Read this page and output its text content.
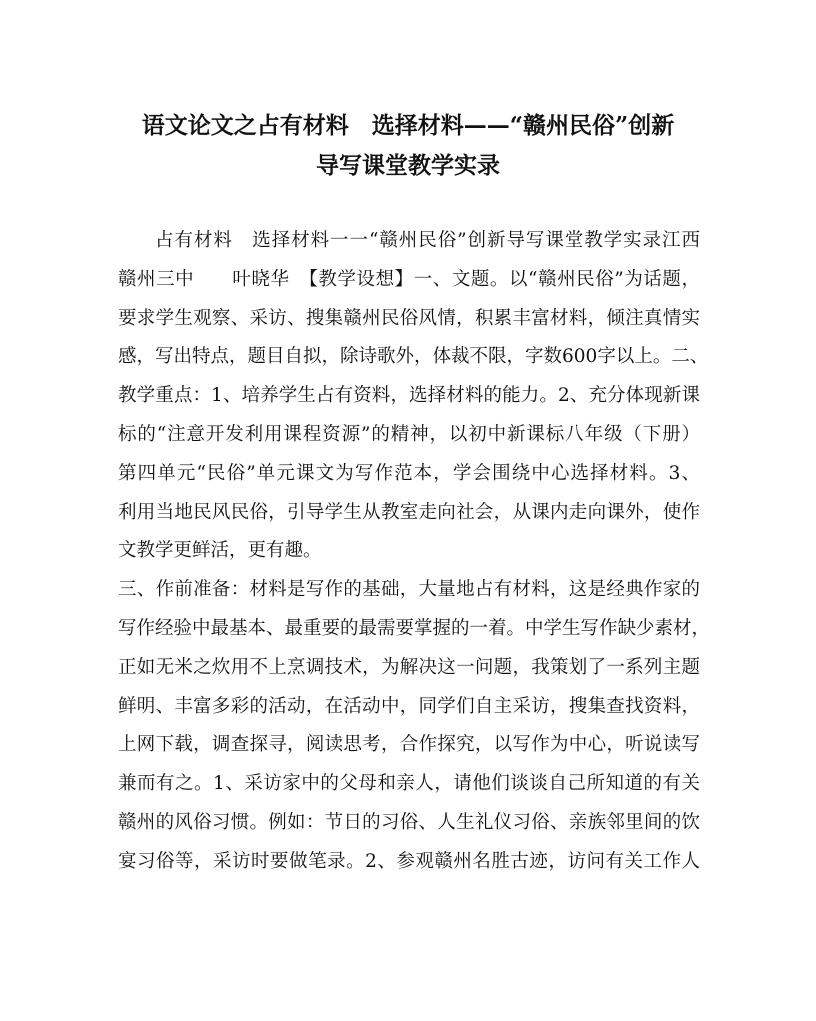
语文论文之占有材料　选择材料——“赣州民俗”创新
导写课堂教学实录
占有材料　选择材料一一“赣州民俗”创新导写课堂教学实录江西
赣州三中　　叶晓华　【教学设想】一、文题。以“赣州民俗”为话题，
要求学生观察、采访、搜集赣州民俗风情，积累丰富材料，倾注真情实
感，写出特点，题目自拟，除诗歌外，体裁不限，字数600字以上。二、
教学重点：1、培养学生占有资料，选择材料的能力。2、充分体现新课
标的“注意开发利用课程资源”的精神，以初中新课标八年级（下册）
第四单元“民俗”单元课文为写作范本，学会围绕中心选择材料。3、
利用当地民风民俗，引导学生从教室走向社会，从课内走向课外，使作
文教学更鲜活，更有趣。
三、作前准备：材料是写作的基础，大量地占有材料，这是经典作家的
写作经验中最基本、最重要的最需要掌握的一着。中学生写作缺少素材，
正如无米之炊用不上烹调技术，为解决这一问题，我策划了一系列主题
鲜明、丰富多彩的活动，在活动中，同学们自主采访，搜集查找资料，
上网下载，调查探寻，阅读思考，合作探究，以写作为中心，听说读写
兼而有之。1、采访家中的父母和亲人，请他们谈谈自己所知道的有关
赣州的风俗习惯。例如：节日的习俗、人生礼仪习俗、亲族邻里间的饮
宴习俗等，采访时要做笔录。2、参观赣州名胜古迹，访问有关工作人
